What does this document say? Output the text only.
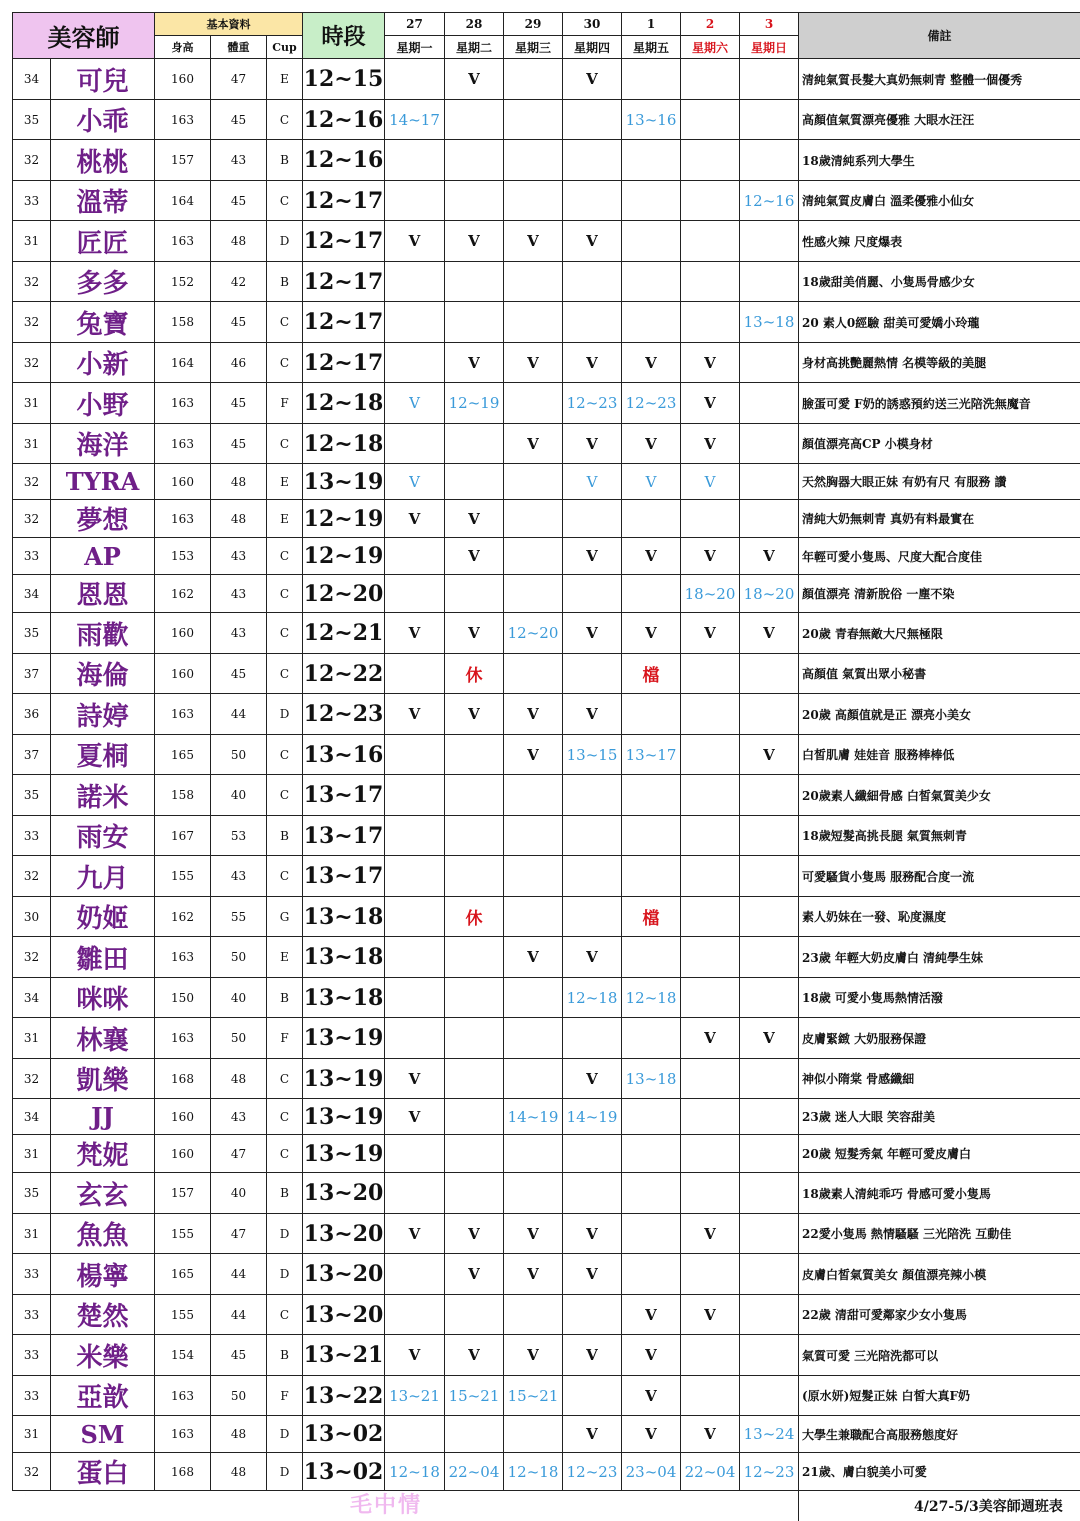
美容師		基本資料			時段	27	28	29	30	1	2	3	備註
		身高	體重	Cup		星期一	星期二	星期三	星期四	星期五	星期六	星期日	
34	可兒	160	47	E	12~15		V		V				清純氣質長髮大真奶無刺青 整體一個優秀
35	小乖	163	45	C	12~16	14~17				13~16			高顏值氣質漂亮優雅 大眼水汪汪
32	桃桃	157	43	B	12~16								18歲清純系列大學生
33	溫蒂	164	45	C	12~17							12~16	清純氣質皮膚白 溫柔優雅小仙女
31	匠匠	163	48	D	12~17	V	V	V	V				性感火辣 尺度爆表
32	多多	152	42	B	12~17								18歲甜美俏麗、小隻馬骨感少女
32	兔寶	158	45	C	12~17							13~18	20 素人0經驗 甜美可愛嬌小玲瓏
32	小新	164	46	C	12~17		V	V	V	V	V		身材高挑艷麗熱情 名模等級的美腿
31	小野	163	45	F	12~18	V	12~19		12~23	12~23	V		臉蛋可愛 F奶的誘惑預約送三光陪洗無魔音
31	海洋	163	45	C	12~18			V	V	V	V		顏值漂亮高CP 小模身材
32	TYRA	160	48	E	13~19	V			V	V	V		天然胸器大眼正妹 有奶有尺 有服務 讚
32	夢想	163	48	E	12~19	V	V						清純大奶無刺青 真奶有料最實在
33	AP	153	43	C	12~19		V		V	V	V	V	年輕可愛小隻馬、尺度大配合度佳
34	恩恩	162	43	C	12~20						18~20	18~20	顏值漂亮 清新脫俗 一塵不染
35	雨歡	160	43	C	12~21	V	V	12~20	V	V	V	V	20歲 青春無敵大尺無極限
37	海倫	160	45	C	12~22		休			檔			高顏值 氣質出眾小秘書
36	詩婷	163	44	D	12~23	V	V	V	V				20歲 高顏值就是正 漂亮小美女
37	夏桐	165	50	C	13~16			V	13~15	13~17		V	白皙肌膚 娃娃音 服務棒棒低
35	諾米	158	40	C	13~17								20歲素人纖細骨感 白皙氣質美少女
33	雨安	167	53	B	13~17								18歲短髮高挑長腿 氣質無刺青
32	九月	155	43	C	13~17								可愛騷貨小隻馬 服務配合度一流
30	奶姬	162	55	G	13~18		休			檔			素人奶妹在一發、恥度濕度
32	雛田	163	50	E	13~18			V	V				23歲 年輕大奶皮膚白 清純學生妹
34	咪咪	150	40	B	13~18				12~18	12~18			18歲 可愛小隻馬熱情活潑
31	林襄	163	50	F	13~19						V	V	皮膚緊緻 大奶服務保證
32	凱樂	168	48	C	13~19	V			V	13~18			神似小隋棠 骨感纖細
34	JJ	160	43	C	13~19	V		14~19	14~19				23歲 迷人大眼 笑容甜美
31	梵妮	160	47	C	13~19								20歲 短髮秀氣 年輕可愛皮膚白
35	玄玄	157	40	B	13~20								18歲素人清純乖巧 骨感可愛小隻馬
31	魚魚	155	47	D	13~20	V	V	V	V		V		22愛小隻馬 熱情騷騷 三光陪洗 互動佳
33	楊寧	165	44	D	13~20		V	V	V				皮膚白皙氣質美女 顏值漂亮辣小模
33	楚然	155	44	C	13~20					V	V		22歲 清甜可愛鄰家少女小隻馬
33	米樂	154	45	B	13~21	V	V	V	V	V			氣質可愛 三光陪洗都可以
33	亞歆	163	50	F	13~22	13~21	15~21	15~21		V			(原水妍)短髮正妹 白皙大真F奶
31	SM	163	48	D	13~02				V	V	V	13~24	大學生兼職配合高服務態度好
32	蛋白	168	48	D	13~02	12~18	22~04	12~18	12~23	23~04	22~04	12~23	21歲、膚白貌美小可愛

毛中情	4/27-5/3美容師週班表
